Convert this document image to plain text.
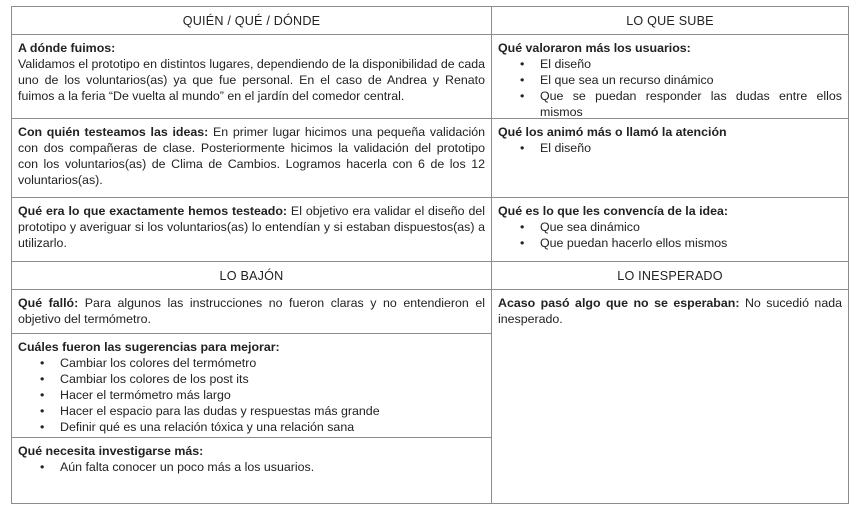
QUIÉN / QUÉ / DÓNDE	LO QUE SUBE

A dónde fuimos:
Validamos el prototipo en distintos lugares, dependiendo de la disponibilidad de cada uno de los voluntarios(as) ya que fue personal. En el caso de Andrea y Renato fuimos a la feria “De vuelta al mundo” en el jardín del comedor central.

Qué valoraron más los usuarios:
• El diseño
• El que sea un recurso dinámico
• Que se puedan responder las dudas entre ellos mismos

Con quién testeamos las ideas: En primer lugar hicimos una pequeña validación con dos compañeras de clase. Posteriormente hicimos la validación del prototipo con los voluntarios(as) de Clima de Cambios. Logramos hacerla con 6 de los 12 voluntarios(as).

Qué los animó más o llamó la atención
• El diseño

Qué era lo que exactamente hemos testeado: El objetivo era validar el diseño del prototipo y averiguar si los voluntarios(as) lo entendían y si estaban dispuestos(as) a utilizarlo.

Qué es lo que les convencía de la idea:
• Que sea dinámico
• Que puedan hacerlo ellos mismos
LO BAJÓN	LO INESPERADO

Qué falló: Para algunos las instrucciones no fueron claras y no entendieron el objetivo del termómetro.

Acaso pasó algo que no se esperaban: No sucedió nada inesperado.

Cuáles fueron las sugerencias para mejorar:
• Cambiar los colores del termómetro
• Cambiar los colores de los post its
• Hacer el termómetro más largo
• Hacer el espacio para las dudas y respuestas más grande
• Definir qué es una relación tóxica y una relación sana
Qué necesita investigarse más:
• Aún falta conocer un poco más a los usuarios.
